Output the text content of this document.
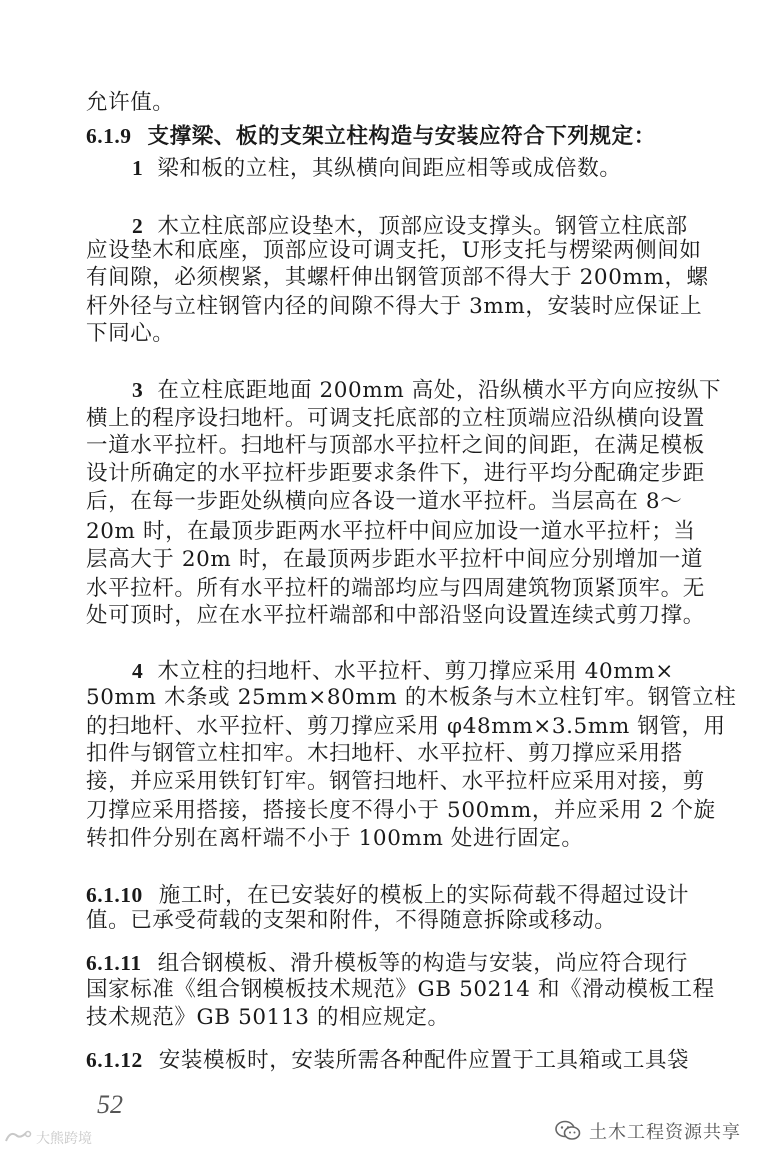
允许值。
6.1.9 支撑梁、板的支架立柱构造与安装应符合下列规定：
1 梁和板的立柱，其纵横向间距应相等或成倍数。
2 木立柱底部应设垫木，顶部应设支撑头。钢管立柱底部
应设垫木和底座，顶部应设可调支托，U形支托与楞梁两侧间如
有间隙，必须楔紧，其螺杆伸出钢管顶部不得大于 200mm，螺
杆外径与立柱钢管内径的间隙不得大于 3mm，安装时应保证上
下同心。
3 在立柱底距地面 200mm 高处，沿纵横水平方向应按纵下
横上的程序设扫地杆。可调支托底部的立柱顶端应沿纵横向设置
一道水平拉杆。扫地杆与顶部水平拉杆之间的间距，在满足模板
设计所确定的水平拉杆步距要求条件下，进行平均分配确定步距
后，在每一步距处纵横向应各设一道水平拉杆。当层高在 8～
20m 时，在最顶步距两水平拉杆中间应加设一道水平拉杆；当
层高大于 20m 时，在最顶两步距水平拉杆中间应分别增加一道
水平拉杆。所有水平拉杆的端部均应与四周建筑物顶紧顶牢。无
处可顶时，应在水平拉杆端部和中部沿竖向设置连续式剪刀撑。
4 木立柱的扫地杆、水平拉杆、剪刀撑应采用 40mm×
50mm 木条或 25mm×80mm 的木板条与木立柱钉牢。钢管立柱
的扫地杆、水平拉杆、剪刀撑应采用 φ48mm×3.5mm 钢管，用
扣件与钢管立柱扣牢。木扫地杆、水平拉杆、剪刀撑应采用搭
接，并应采用铁钉钉牢。钢管扫地杆、水平拉杆应采用对接，剪
刀撑应采用搭接，搭接长度不得小于 500mm，并应采用 2 个旋
转扣件分别在离杆端不小于 100mm 处进行固定。
6.1.10 施工时，在已安装好的模板上的实际荷载不得超过设计
值。已承受荷载的支架和附件，不得随意拆除或移动。
6.1.11 组合钢模板、滑升模板等的构造与安装，尚应符合现行
国家标准《组合钢模板技术规范》GB 50214 和《滑动模板工程
技术规范》GB 50113 的相应规定。
6.1.12 安装模板时，安装所需各种配件应置于工具箱或工具袋
52
土木工程资源共享
大熊跨境
